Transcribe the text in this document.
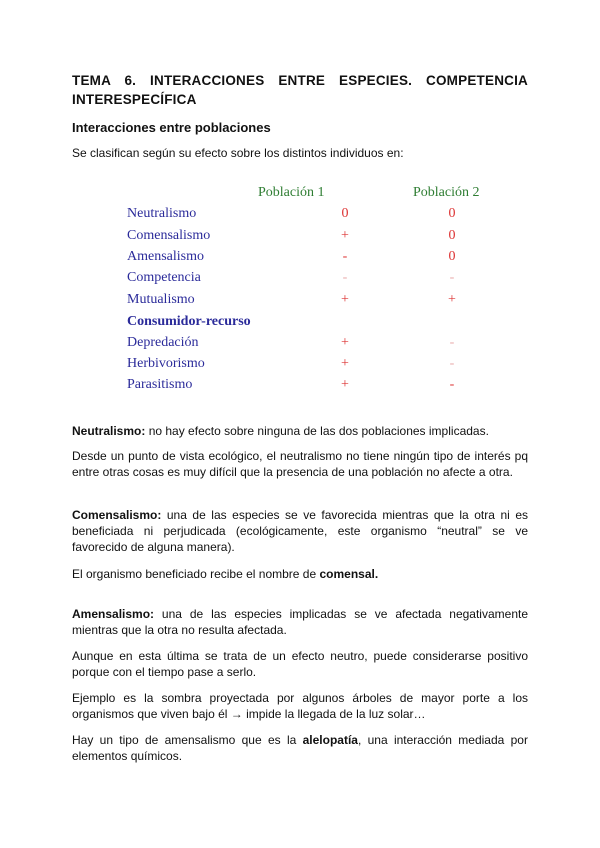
TEMA 6. INTERACCIONES ENTRE ESPECIES. COMPETENCIA INTERESPECÍFICA
Interacciones entre poblaciones
Se clasifican según su efecto sobre los distintos individuos en:
Población 1	Población 2
Neutralismo	0	0
Comensalismo	+	0
Amensalismo	-	0
Competencia	-	-
Mutualismo	+	+
Consumidor-recurso
Depredación	+	-
Herbivorismo	+	-
Parasitismo	+	-
Neutralismo: no hay efecto sobre ninguna de las dos poblaciones implicadas.
Desde un punto de vista ecológico, el neutralismo no tiene ningún tipo de interés pq entre otras cosas es muy difícil que la presencia de una población no afecte a otra.
Comensalismo: una de las especies se ve favorecida mientras que la otra ni es beneficiada ni perjudicada (ecológicamente, este organismo “neutral” se ve favorecido de alguna manera).
El organismo beneficiado recibe el nombre de comensal.
Amensalismo: una de las especies implicadas se ve afectada negativamente mientras que la otra no resulta afectada.
Aunque en esta última se trata de un efecto neutro, puede considerarse positivo porque con el tiempo pase a serlo.
Ejemplo es la sombra proyectada por algunos árboles de mayor porte a los organismos que viven bajo él → impide la llegada de la luz solar…
Hay un tipo de amensalismo que es la alelopatía, una interacción mediada por elementos químicos.
